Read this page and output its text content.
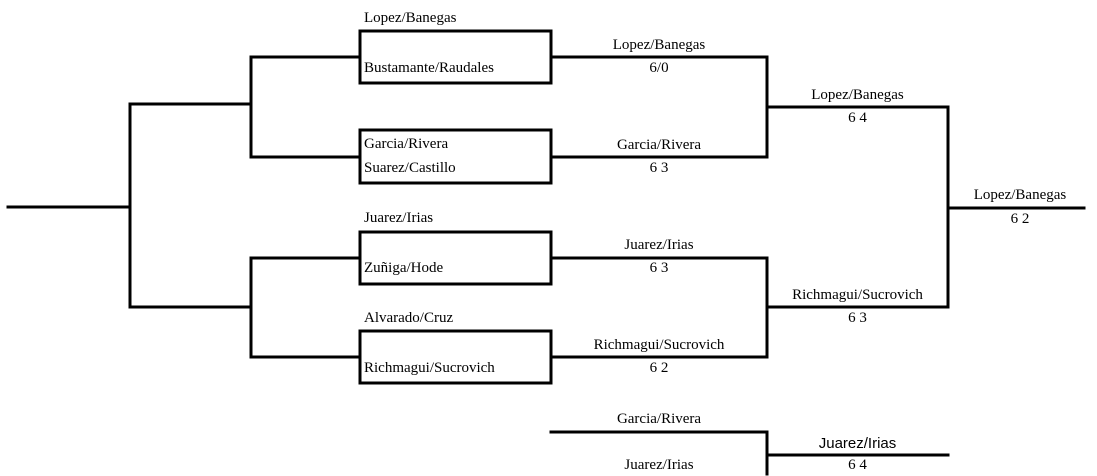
Lopez/Banegas
Bustamante/Raudales
Garcia/Rivera
Suarez/Castillo
Juarez/Irias
Zuñiga/Hode
Alvarado/Cruz
Richmagui/Sucrovich
Lopez/Banegas
6/0
Garcia/Rivera
6 3
Juarez/Irias
6 3
Richmagui/Sucrovich
6 2
Lopez/Banegas
6 4
Richmagui/Sucrovich
6 3
Lopez/Banegas
6 2
Garcia/Rivera
Juarez/Irias
Juarez/Irias
6 4
